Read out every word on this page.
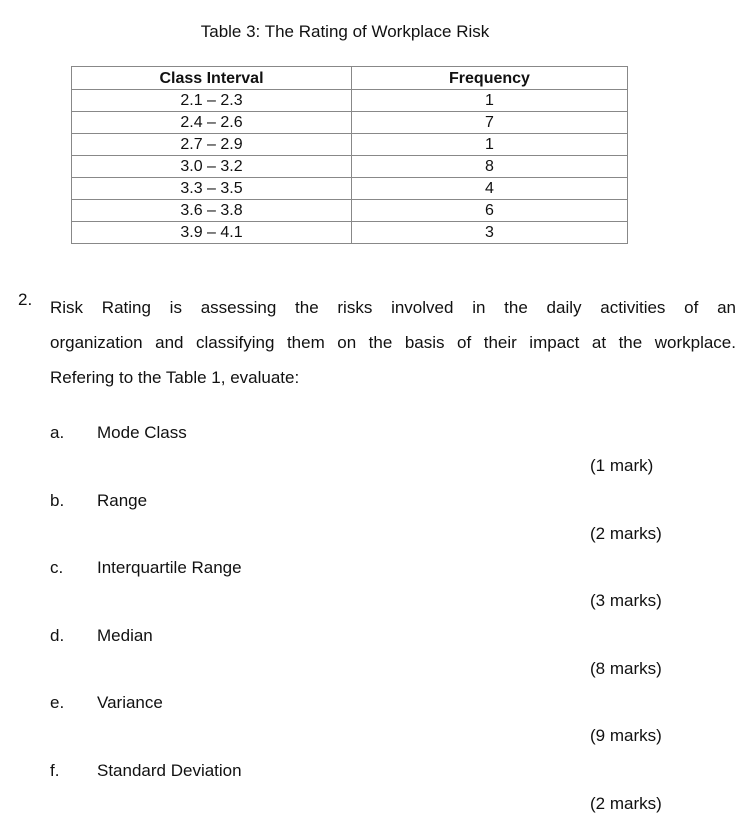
Table 3: The Rating of Workplace Risk
Class Interval	Frequency
2.1 – 2.3	1
2.4 – 2.6	7
2.7 – 2.9	1
3.0 – 3.2	8
3.3 – 3.5	4
3.6 – 3.8	6
3.9 – 4.1	3
2. Risk Rating is assessing the risks involved in the daily activities of an

organization and classifying them on the basis of their impact at the workplace.

Refering to the Table 1, evaluate:

a. Mode Class
(1 mark)
b. Range
(2 marks)
c. Interquartile Range
(3 marks)
d. Median
(8 marks)
e. Variance
(9 marks)
f. Standard Deviation
(2 marks)
